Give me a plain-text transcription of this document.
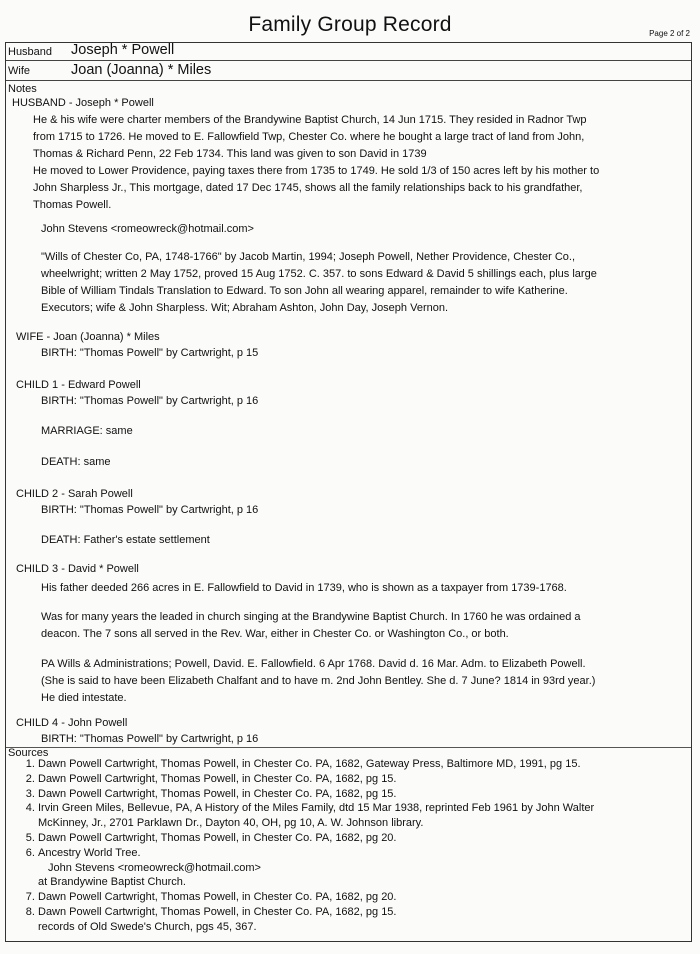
Family Group Record	Page 2 of 2
Husband Joseph * Powell
Wife	Joan (Joanna) * Miles
Notes
HUSBAND - Joseph * Powell
He & his wife were charter members of the Brandywine Baptist Church, 14 Jun 1715. They resided in Radnor Twp
from 1715 to 1726. He moved to E. Fallowfield Twp, Chester Co. where he bought a large tract of land from John,
Thomas & Richard Penn, 22 Feb 1734. This land was given to son David in 1739
He moved to Lower Providence, paying taxes there from 1735 to 1749. He sold 1/3 of 150 acres left by his mother to
John Sharpless Jr., This mortgage, dated 17 Dec 1745, shows all the family relationships back to his grandfather,
Thomas Powell.
John Stevens <romeowreck@hotmail.com>
"Wills of Chester Co, PA, 1748-1766" by Jacob Martin, 1994; Joseph Powell, Nether Providence, Chester Co.,
wheelwright; written 2 May 1752, proved 15 Aug 1752. C. 357. to sons Edward & David 5 shillings each, plus large
Bible of William Tindals Translation to Edward. To son John all wearing apparel, remainder to wife Katherine.
Executors; wife & John Sharpless. Wit; Abraham Ashton, John Day, Joseph Vernon.
WIFE - Joan (Joanna) * Miles
BIRTH: "Thomas Powell" by Cartwright, p 15
CHILD 1 - Edward Powell
BIRTH: "Thomas Powell" by Cartwright, p 16
MARRIAGE: same
DEATH: same
CHILD 2 - Sarah Powell
BIRTH: "Thomas Powell" by Cartwright, p 16
DEATH: Father's estate settlement
CHILD 3 - David * Powell
His father deeded 266 acres in E. Fallowfield to David in 1739, who is shown as a taxpayer from 1739-1768.
Was for many years the leaded in church singing at the Brandywine Baptist Church. In 1760 he was ordained a
deacon. The 7 sons all served in the Rev. War, either in Chester Co. or Washington Co., or both.
PA Wills & Administrations; Powell, David. E. Fallowfield. 6 Apr 1768. David d. 16 Mar. Adm. to Elizabeth Powell.
(She is said to have been Elizabeth Chalfant and to have m. 2nd John Bentley. She d. 7 June? 1814 in 93rd year.)
He died intestate.
CHILD 4 - John Powell
BIRTH: "Thomas Powell" by Cartwright, p 16
Sources
1. Dawn Powell Cartwright, Thomas Powell, in Chester Co. PA, 1682, Gateway Press, Baltimore MD, 1991, pg 15.
2. Dawn Powell Cartwright, Thomas Powell, in Chester Co. PA, 1682, pg 15.
3. Dawn Powell Cartwright, Thomas Powell, in Chester Co. PA, 1682, pg 15.
4. Irvin Green Miles, Bellevue, PA, A History of the Miles Family, dtd 15 Mar 1938, reprinted Feb 1961 by John Walter
McKinney, Jr., 2701 Parklawn Dr., Dayton 40, OH, pg 10, A. W. Johnson library.
5. Dawn Powell Cartwright, Thomas Powell, in Chester Co. PA, 1682, pg 20.
6. Ancestry World Tree.
John Stevens <romeowreck@hotmail.com>
at Brandywine Baptist Church.
7. Dawn Powell Cartwright, Thomas Powell, in Chester Co. PA, 1682, pg 20.
8. Dawn Powell Cartwright, Thomas Powell, in Chester Co. PA, 1682, pg 15.
records of Old Swede's Church, pgs 45, 367.
